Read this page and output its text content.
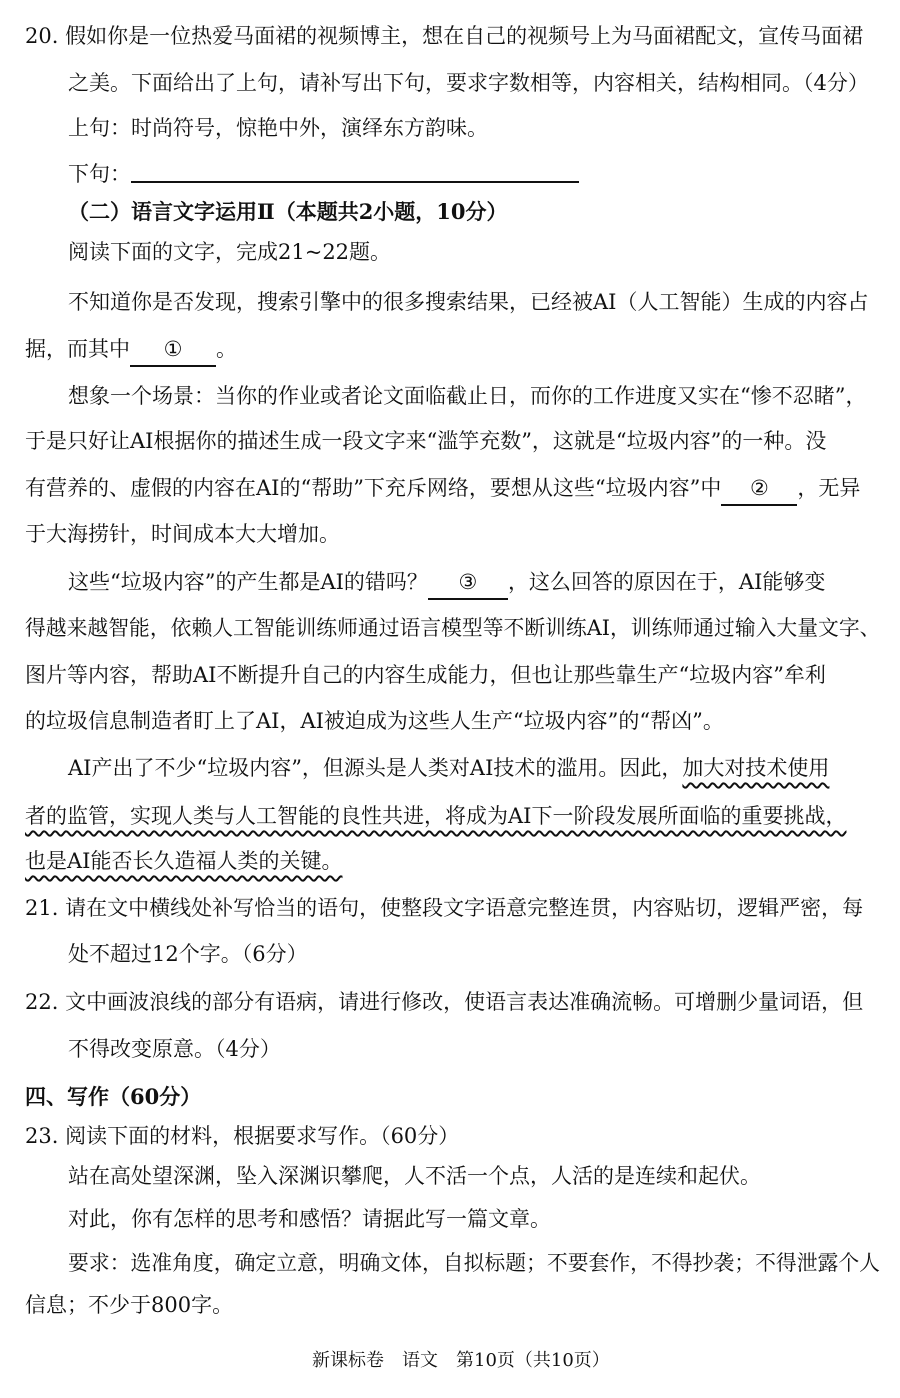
20. 假如你是一位热爱马面裙的视频博主，想在自己的视频号上为马面裙配文，宣传马面裙
之美。下面给出了上句，请补写出下句，要求字数相等，内容相关，结构相同。（4分）
上句：时尚符号，惊艳中外，演绎东方韵味。
下句：
（二）语言文字运用Ⅱ（本题共2小题，10分）
阅读下面的文字，完成21~22题。
不知道你是否发现，搜索引擎中的很多搜索结果，已经被AI（人工智能）生成的内容占
据，而其中 ① 。
想象一个场景：当你的作业或者论文面临截止日，而你的工作进度又实在“惨不忍睹”，
于是只好让AI根据你的描述生成一段文字来“滥竽充数”，这就是“垃圾内容”的一种。没
有营养的、虚假的内容在AI的“帮助”下充斥网络，要想从这些“垃圾内容”中 ② ，无异
于大海捞针，时间成本大大增加。
这些“垃圾内容”的产生都是AI的错吗？ ③ ，这么回答的原因在于，AI能够变
得越来越智能，依赖人工智能训练师通过语言模型等不断训练AI，训练师通过输入大量文字、
图片等内容，帮助AI不断提升自己的内容生成能力，但也让那些靠生产“垃圾内容”牟利
的垃圾信息制造者盯上了AI，AI被迫成为这些人生产“垃圾内容”的“帮凶”。
AI产出了不少“垃圾内容”，但源头是人类对AI技术的滥用。因此，加大对技术使用
者的监管，实现人类与人工智能的良性共进，将成为AI下一阶段发展所面临的重要挑战，
也是AI能否长久造福人类的关键。
21. 请在文中横线处补写恰当的语句，使整段文字语意完整连贯，内容贴切，逻辑严密，每
处不超过12个字。（6分）
22. 文中画波浪线的部分有语病，请进行修改，使语言表达准确流畅。可增删少量词语，但
不得改变原意。（4分）
四、写作（60分）
23. 阅读下面的材料，根据要求写作。（60分）
站在高处望深渊，坠入深渊识攀爬，人不活一个点，人活的是连续和起伏。
对此，你有怎样的思考和感悟？请据此写一篇文章。
要求：选准角度，确定立意，明确文体，自拟标题；不要套作，不得抄袭；不得泄露个人
信息；不少于800字。
新课标卷　语文　第10页（共10页）
